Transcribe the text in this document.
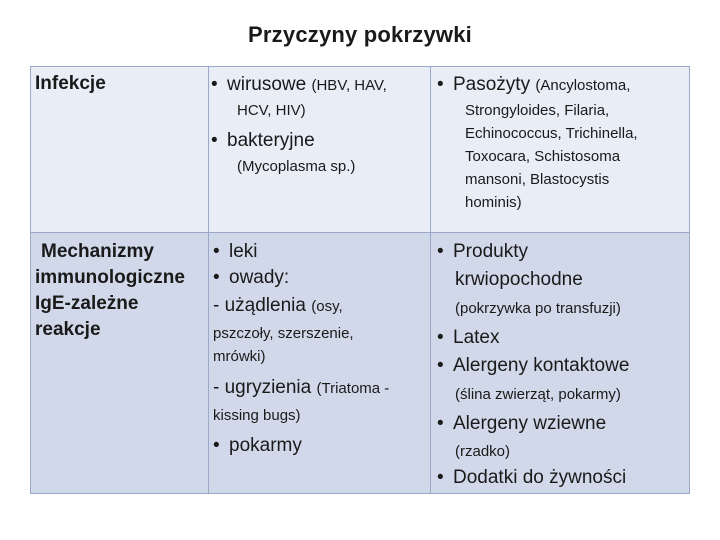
Przyczyny pokrzywki
Infekcje	• wirusowe (HBV, HAV,
HCV, HIV)
• bakteryjne
(Mycoplasma sp.)
• Pasożyty (Ancylostoma,
Strongyloides, Filaria,
Echinococcus, Trichinella,
Toxocara, Schistosoma
mansoni, Blastocystis
hominis)
Mechanizmy
immunologiczne
IgE-zależne
reakcje
• leki
• owady:
- użądlenia (osy,
pszczoły, szerszenie,
mrówki)
- ugryzienia (Triatoma -
kissing bugs)
• pokarmy
• Produkty
krwiopochodne
(pokrzywka po transfuzji)
• Latex
• Alergeny kontaktowe
(ślina zwierząt, pokarmy)
• Alergeny wziewne
(rzadko)
• Dodatki do żywności
